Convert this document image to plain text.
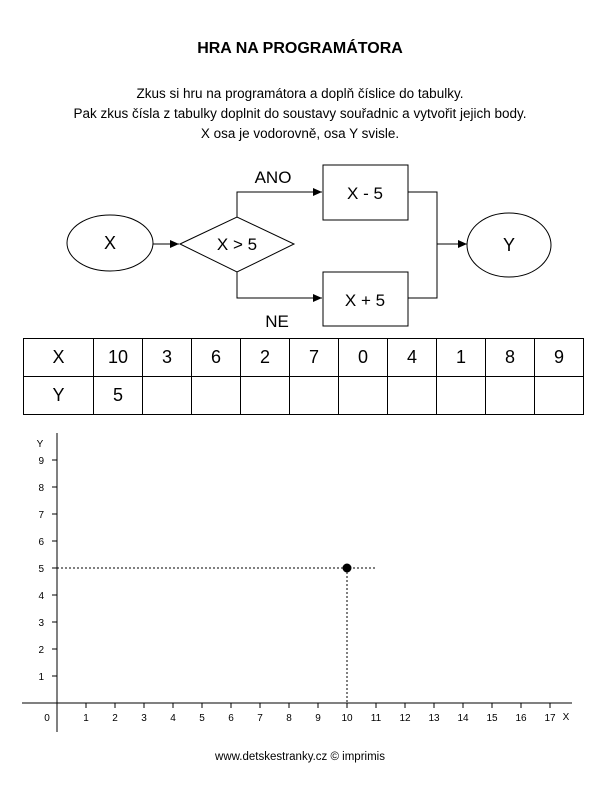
HRA NA PROGRAMÁTORA
Zkus si hru na programátora a doplň číslice do tabulky.
Pak zkus čísla z tabulky doplnit do soustavy souřadnic a vytvořit jejich body.
X osa je vodorovně, osa Y svisle.
X	X > 5
ANO
NE
X - 5
X + 5
Y
X	10	3	6	2	7	0	4	1	8	9
Y	5									
Y
X
0	1 2 3 4 5 6 7 8 9 10 11 12 13 14 15 16 17
1
2
3
4
5
6
7
8
9
www.detskestranky.cz © imprimis
